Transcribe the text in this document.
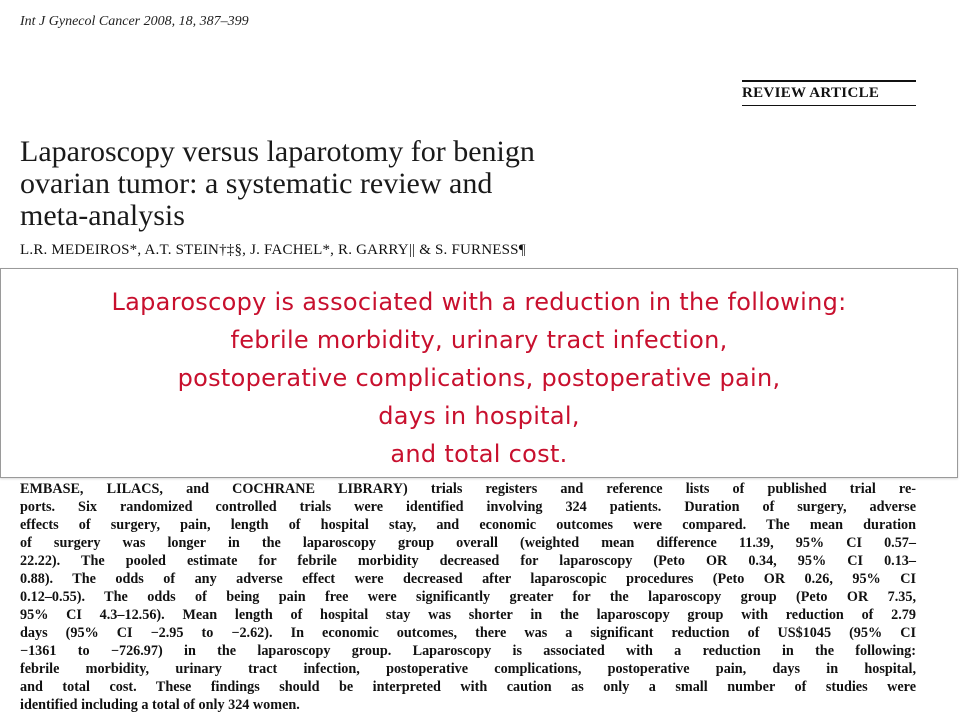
Int J Gynecol Cancer 2008, 18, 387–399
REVIEW ARTICLE
Laparoscopy versus laparotomy for benign
ovarian tumor: a systematic review and
meta-analysis
L.R. MEDEIROS*, A.T. STEIN†‡§, J. FACHEL*, R. GARRY|| & S. FURNESS¶
EMBASE, LILACS, and COCHRANE LIBRARY) trials registers and reference lists of published trial re-
ports. Six randomized controlled trials were identified involving 324 patients. Duration of surgery, adverse
effects of surgery, pain, length of hospital stay, and economic outcomes were compared. The mean duration
of surgery was longer in the laparoscopy group overall (weighted mean difference 11.39, 95% CI 0.57–
22.22). The pooled estimate for febrile morbidity decreased for laparoscopy (Peto OR 0.34, 95% CI 0.13–
0.88). The odds of any adverse effect were decreased after laparoscopic procedures (Peto OR 0.26, 95% CI
0.12–0.55). The odds of being pain free were significantly greater for the laparoscopy group (Peto OR 7.35,
95% CI 4.3–12.56). Mean length of hospital stay was shorter in the laparoscopy group with reduction of 2.79
days (95% CI −2.95 to −2.62). In economic outcomes, there was a significant reduction of US$1045 (95% CI
−1361 to −726.97) in the laparoscopy group. Laparoscopy is associated with a reduction in the following:
febrile morbidity, urinary tract infection, postoperative complications, postoperative pain, days in hospital,
and total cost. These findings should be interpreted with caution as only a small number of studies were
identified including a total of only 324 women.
Laparoscopy is associated with a reduction in the following:
febrile morbidity, urinary tract infection,
postoperative complications, postoperative pain,
days in hospital,
and total cost.
